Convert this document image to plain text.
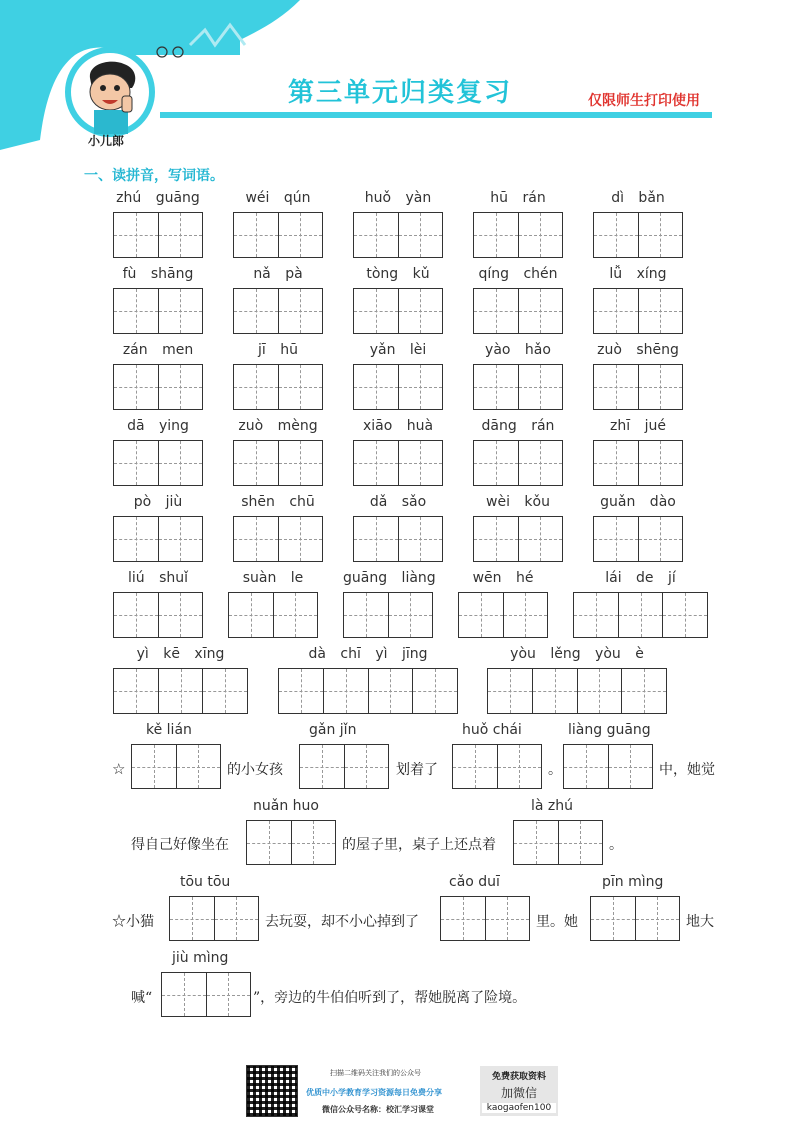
第三单元归类复习	仅限师生打印使用
小儿郎
一、读拼音，写词语。
zhú guāng	wéi qún	huǒ yàn	hū rán	dì bǎn
fù shāng	nǎ pà	tòng kǔ	qíng chén	lǚ xíng
zán men	jī hū	yǎn lèi	yào hǎo	zuò shēng
dā ying	zuò mèng	xiāo huà	dāng rán	zhī jué
pò jiù	shēn chū	dǎ sǎo	wèi kǒu	guǎn dào
liú shuǐ	suàn le	guāng liàng	wēn hé	lái de jí
yì kē xīng	dà chī yì jīng	yòu lěng yòu è
☆
kě lián
的小女孩
gǎn jǐn
划着了
huǒ chái
。
liàng guāng
中，她觉
得自己好像坐在
nuǎn huo
的屋子里，桌子上还点着
là zhú
。
☆小猫
tōu tōu
去玩耍，却不小心掉到了
cǎo duī
里。她
pīn mìng
地大
喊“
jiù mìng
”，旁边的牛伯伯听到了，帮她脱离了险境。
扫描二维码关注我们的公众号
优质中小学教育学习资源每日免费分享
微信公众号名称：校汇学习课堂
免费获取资料
加微信
kaogaofen100
